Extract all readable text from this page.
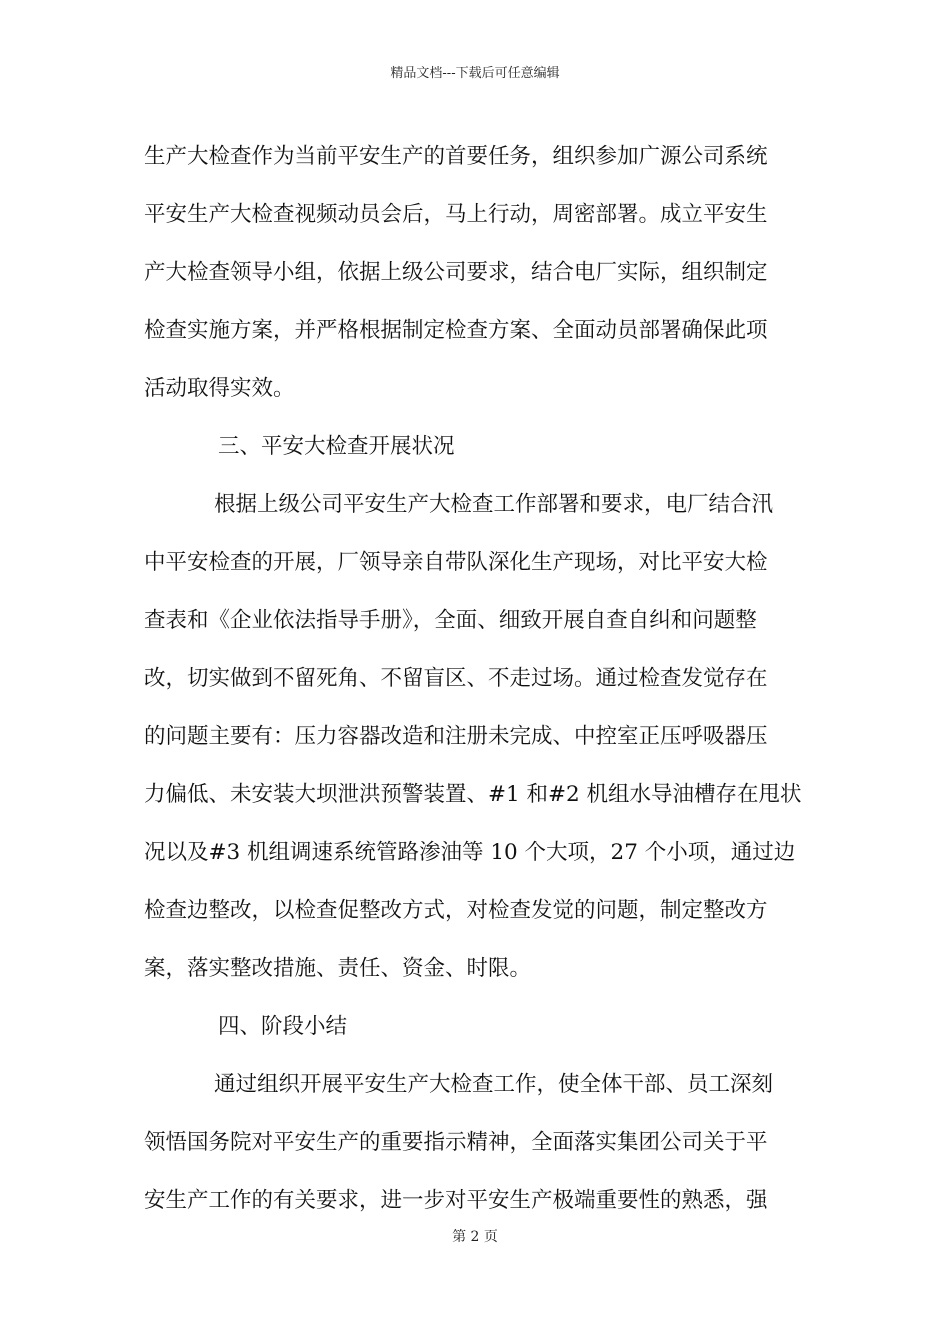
精品文档---下载后可任意编辑
生产大检查作为当前平安生产的首要任务，组织参加广源公司系统
平安生产大检查视频动员会后，马上行动，周密部署。成立平安生
产大检查领导小组，依据上级公司要求，结合电厂实际，组织制定
检查实施方案，并严格根据制定检查方案、全面动员部署确保此项
活动取得实效。
三、平安大检查开展状况
根据上级公司平安生产大检查工作部署和要求，电厂结合汛
中平安检查的开展，厂领导亲自带队深化生产现场，对比平安大检
查表和《企业依法指导手册》，全面、细致开展自查自纠和问题整
改，切实做到不留死角、不留盲区、不走过场。通过检查发觉存在
的问题主要有：压力容器改造和注册未完成、中控室正压呼吸器压
力偏低、未安装大坝泄洪预警装置、#1 和#2 机组水导油槽存在甩状
况以及#3 机组调速系统管路渗油等 10 个大项，27 个小项，通过边
检查边整改，以检查促整改方式，对检查发觉的问题，制定整改方
案，落实整改措施、责任、资金、时限。
四、阶段小结
通过组织开展平安生产大检查工作，使全体干部、员工深刻
领悟国务院对平安生产的重要指示精神，全面落实集团公司关于平
安生产工作的有关要求，进一步对平安生产极端重要性的熟悉，强
第 2 页
